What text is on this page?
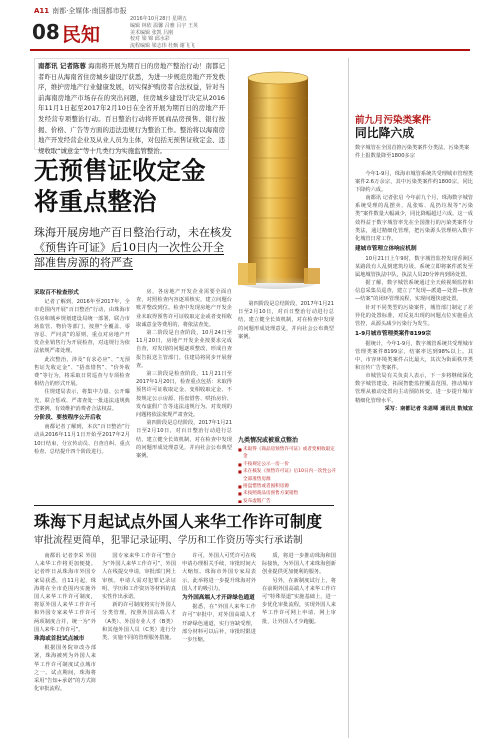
A11 南都·全媒体·南国都市报
08 民知
2016年10月28日 星期五
编辑 林依 温馨 吕雅 吕宇 王英
美术编辑 张凯 吕刚
校对 梁 锦 邱水彩
流程编辑 梁志伟 杜甄 谢飞飞
南都讯 记者陈蓉 海南将开展为期百日的房地产整治行动！南都记者昨日从海南省住房城乡建设厅获悉，为进一步规范房地产开发秩序，维护房地产行业健康发展，切实保护购房者合法权益，针对当前海南房地产市场存在的突出问题，住房城乡建设厅决定从2016年11月1日起至2017年2月10日在全省开展为期百日的房地产开发经营专项整治行动。百日整治行动将开展商品房预售、银行按揭、价格、广告等方面的违法违规行为整治工作。整治将以海南房地产开发经营企业及从业人员为主体，对包括无预售证收定金、违规收取“诚意金”等十几类行为实施监管整治。
无预售证收定金
将重点整治
珠海开展房地产百日整治行动，未在核发《预售许可证》后10日内一次性公开全部准售房源的将严查

采取百不检查形式

记者了解到，2016年至2017年，全市范围内开展“百日整治”行动，由珠海市住房和城乡规划建设局统一部署，联合市场监管、物价等部门，按照“全覆盖、零容忍、严问责”的原则，重点对房地产开发企业销售行为开展检查，对违规行为依法依规严肃处理。

此次整治，涉及“有求必应”、“无预售证先收定金”、“捂盘惜售”、“价外收费”等行为，将采取日常巡查与专项检查相结合的形式开展。

住规建局表示，将集中力量、公开曝光、联合惩戒、严肃查处一批违法违规典型案例，有效维护消费者合法权益。

分阶段、要按程序公开后收

南都记者了解到，本次“百日整治”行动从2016年11月1日开始至2017年2月10日结束，分宣传动员、自查自纠、重点检查、总结提升四个阶段进行。

房，各房地产开发企业需要全面自查，对照检查内容逐项核实，建立问题台账并整改到位。检查中发现房地产开发企业未取得预售许可证收取定金或者变相收取诚意金等费用的，将依法查处。

第二阶段是自查阶段，10月24日至11月20日，房地产开发企业按要求完成自查，对发现的问题逐项整改，形成自查报告报送主管部门。住建局将同步开展督查。

第三阶段是检查阶段，11月21日至2017年1月20日，检查重点包括：未取得预售许可证收取定金、变相收取定金、不按规定公示房源、捂盘惜售、哄抬房价、发布虚假广告等违法违规行为。对发现的问题将依法依规严肃查处。

第四阶段是总结阶段，2017年1月21日至2月10日，对百日整治行动进行总结，建立健全长效机制，对在检查中发现的问题形成处理意见，并向社会公布典型案例。

第四阶段是总结阶段，2017年1月21日至2月10日，对百日整治行动进行总结，建立健全长效机制，对在检查中发现的问题形成处理意见，并向社会公布典型案例。

九类情况或被重点整治
■ 未取得《商品房预售许可证》或者变相收取定金
■ 不按规定公示一房一价
■ 未在核发《预售许可证》后10日内一次性公开全部准售房源
■ 捂盘惜售或者囤积房源
■ 未按照商品房预售方案销售
■ 发布虚假广告
珠海下月起试点外国人来华工作许可制度
审批流程更简单，犯罪记录证明、学历和工作资历等实行承诺制

南都讯 记者李采 外国人来华工作将更加便捷。记者昨日从珠海市外国专家局获悉，自11月起，珠海将在全市范围内实施外国人来华工作许可制度，将原外国人来华工作许可和外国专家来华工作许可两项制度合并，统一为“外国人来华工作许可”。

珠海或首批试点城市

根据国务院审改办部署，珠海被列为外国人来华工作许可制度试点城市之一。试点期间，珠海将采用“告知+承诺”的方式简化审批流程。

国专家来华工作许可”整合为“外国人来华工作许可”，外国人在线提交申请，审批部门网上审核。申请人需对犯罪记录证明、学历和工作资历等材料的真实性作出承诺。

新的许可制度将实行外国人分类管理，按照外国高端人才（A类）、外国专业人才（B类）和其他外国人员（C类）进行分类，实施不同的管理服务措施。

许可，外国人可凭许可在线申请办理相关手续，审批时间大大缩短。珠海市外国专家局表示，此举将进一步提升珠海对外国人才的吸引力。

为外国高端人才开辟绿色通道

据悉，在“外国人来华工作许可”审批中，对外国高端人才开辟绿色通道，实行容缺受理，部分材料可以后补，审批时限进一步压缩。

质，将进一步推动珠海和国际接轨，为外国人才来珠海创新创业提供更加便利的服务。

另外，在新制度试行上，将在前期外国高端人才来华工作许可“特殊渠道”实施基础上，进一步优化审批流程，实现外国人来华工作许可网上申请、网上审批，让外国人才少跑腿。

前九月污染类案件
同比降六成
数字城管在全国首推污染类案件分类法，污染类案件上报数量降至1800多宗

今年1-9月，珠海市城管系统共受理城市管理类案件2.6万余宗，其中污染类案件约1800宗，同比下降约六成。

南都讯 记者张启 今年前九个月，珠海数字城管系统受理的乱摆卖、乱张贴、乱扔垃圾等“污染类”案件数量大幅减少，同比降幅超过六成。这一成效得益于数字城管率先在全国推行的污染类案件分类法，通过精细化管理，把污染源头管理纳入数字化城管日常工作。

建城市管理立体响应机制

10月21日上午9时，数字城管监控发现香洲区某路段有人乱倒建筑垃圾，系统立即将案件派发至属地城管执法中队，执法人员20分钟内到场处置。

据了解，数字城管系统通过全天候视频监控和信息采集员巡查，建立了“发现—派遣—处置—核查—结案”的闭环管理流程，实现问题快速处置。

针对不同类型的污染案件，城管部门制定了差异化的处置标准，对反复出现的问题点位实施重点管控，从源头减少污染行为发生。

1-9月城市管理类案件8199宗

据统计，今年1-9月，数字城管系统共受理城市管理类案件8199宗，结案率达到98%以上。其中，市容环境类案件占比最大，其次为街面秩序类和宣传广告类案件。

市城管局有关负责人表示，下一步将继续深化数字城管建设，拓展智能监控覆盖范围，推动城市管理从被动处置向主动预防转变，进一步提升城市精细化管理水平。

采写：南都记者 朱恩晞 通讯员 数城宣
